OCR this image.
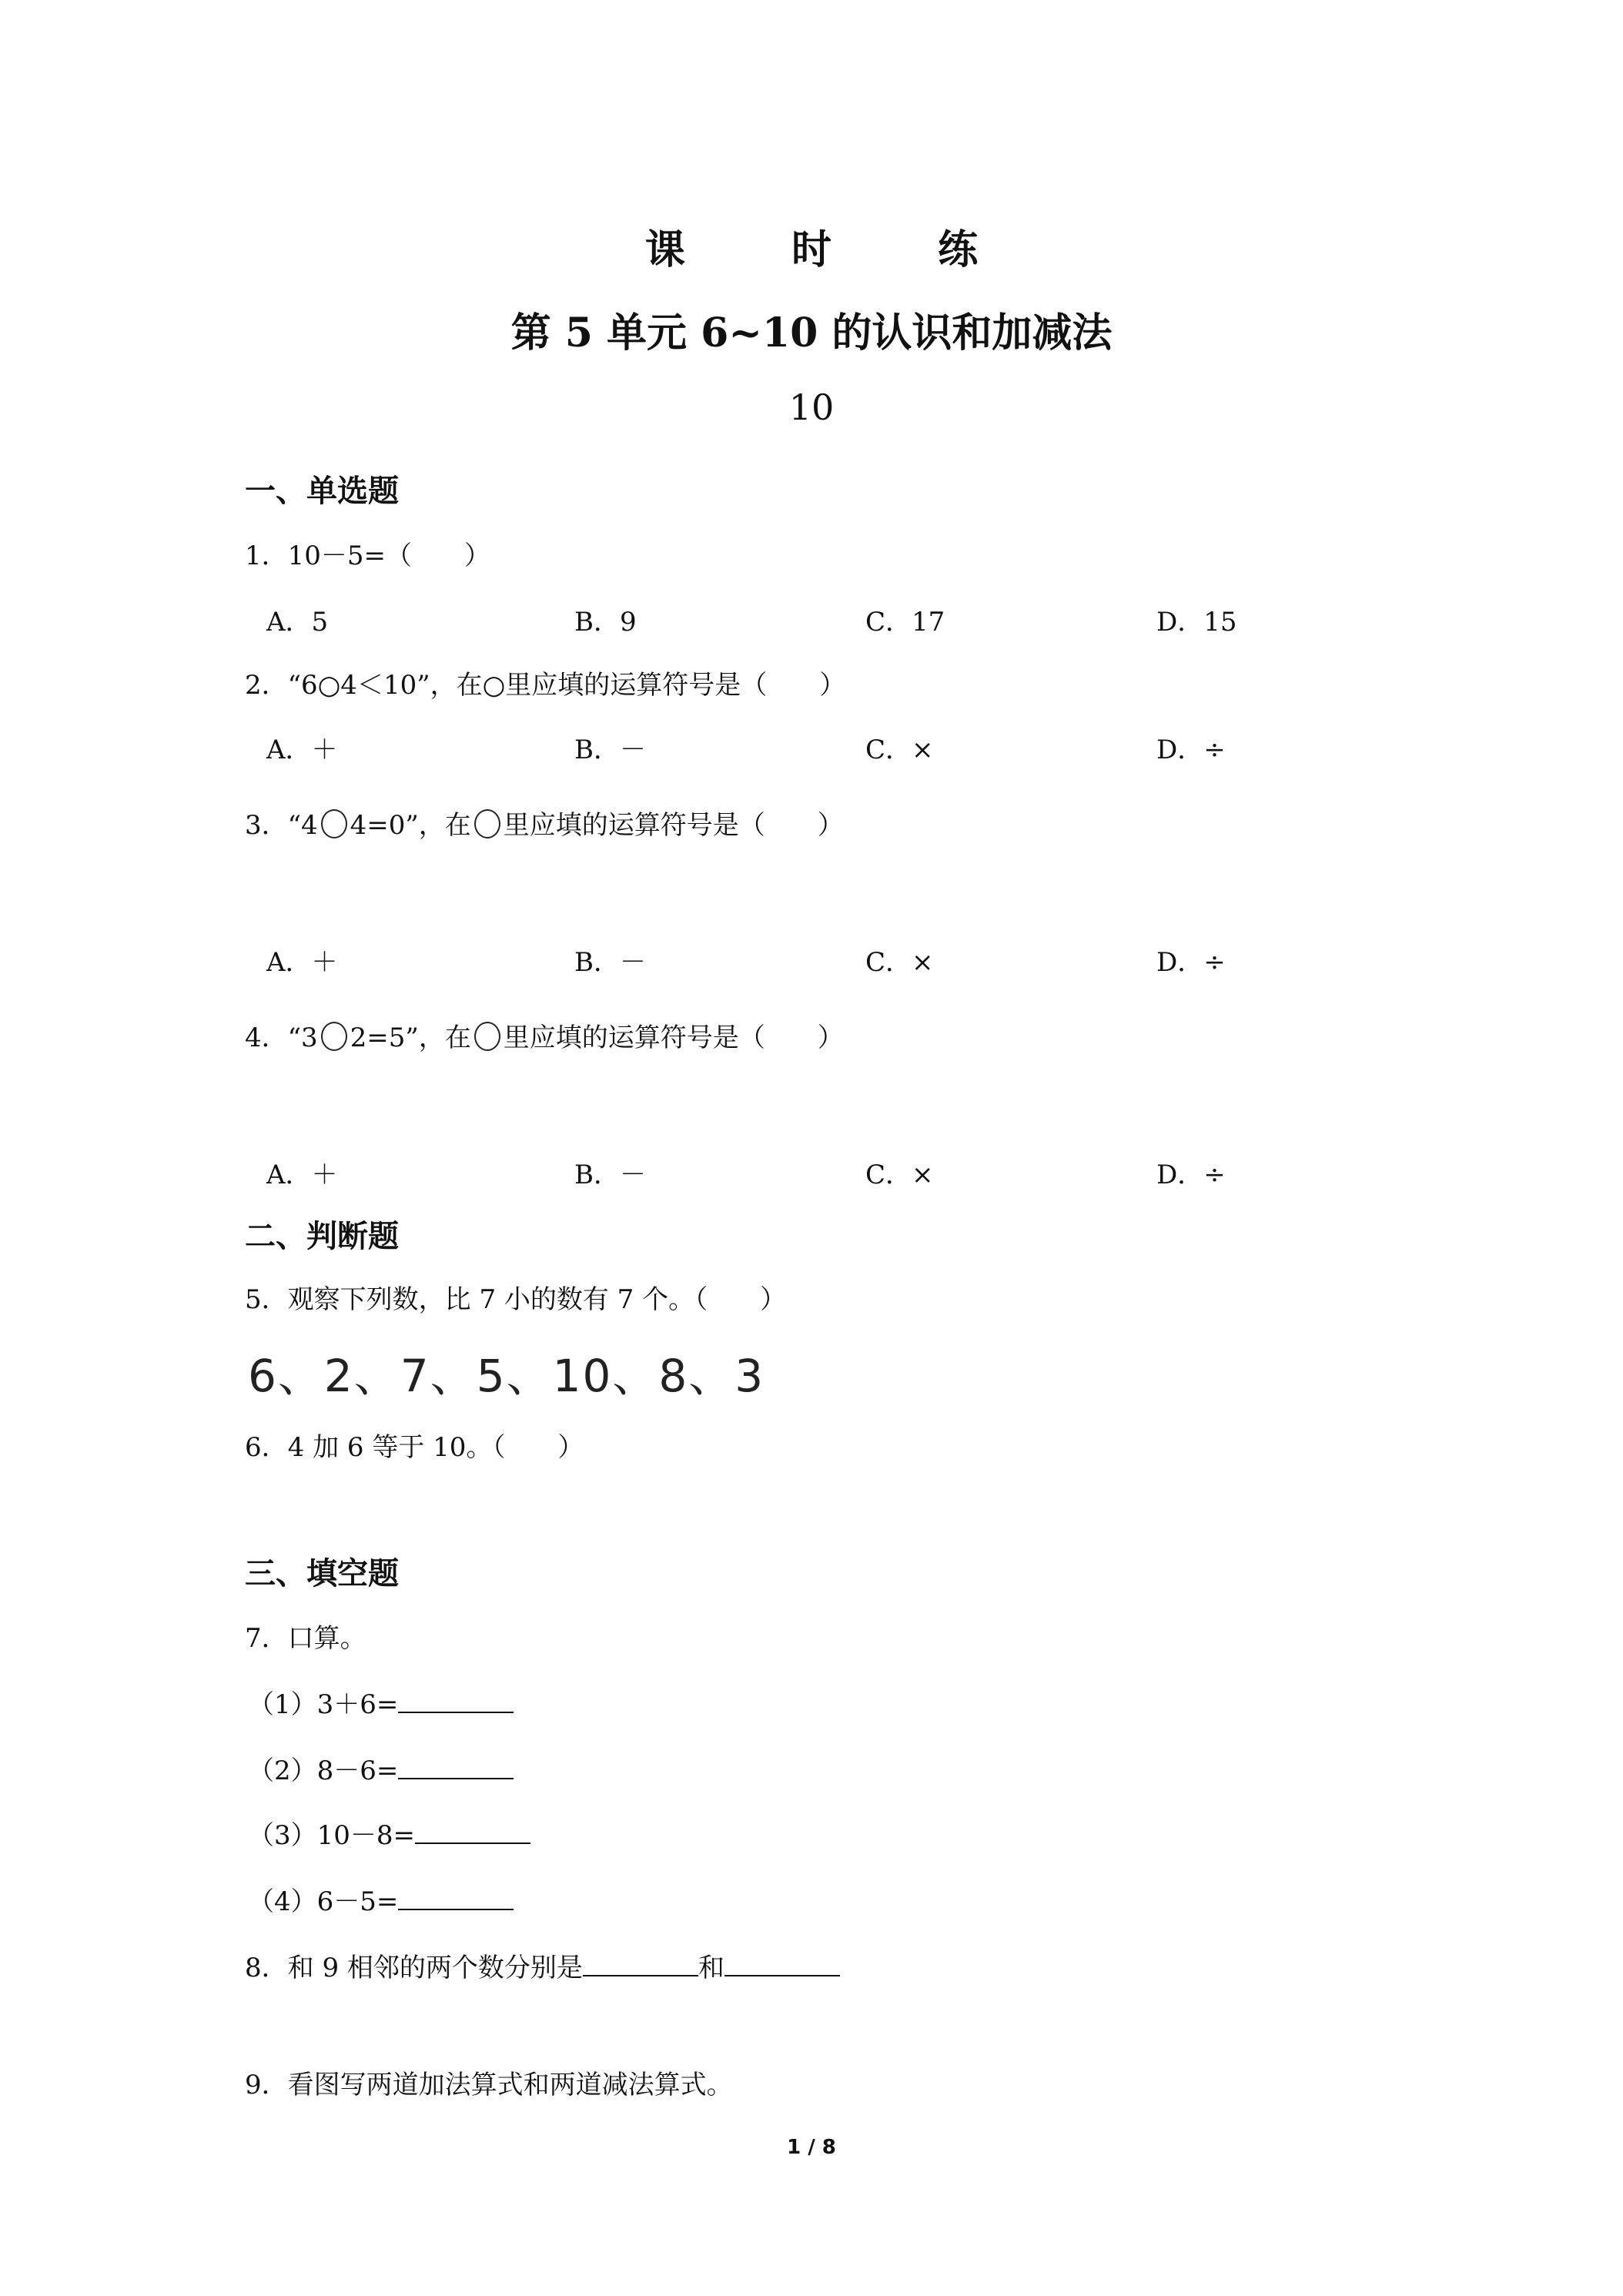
课 时 练
第 5 单元 6~10 的认识和加减法
10
一、单选题
1．10－5=（　　）
A．5	B．9	C．17	D．15
2．“6○4＜10”，在○里应填的运算符号是（　　）
A．＋	B．－	C．×	D．÷
3．“4 4=0”，在 里应填的运算符号是（　　）
A．＋	B．－	C．×	D．÷
4．“3 2=5”，在 里应填的运算符号是（　　）
A．＋	B．－	C．×	D．÷
二、判断题
5．观察下列数，比 7 小的数有 7 个。（　　）
6、2、7、5、10、8、3
6．4 加 6 等于 10。（　　）
三、填空题
7．口算。
（1）3＋6=
（2）8－6=
（3）10－8=
（4）6－5=
8．和 9 相邻的两个数分别是	和
9．看图写两道加法算式和两道减法算式。
1 / 8
